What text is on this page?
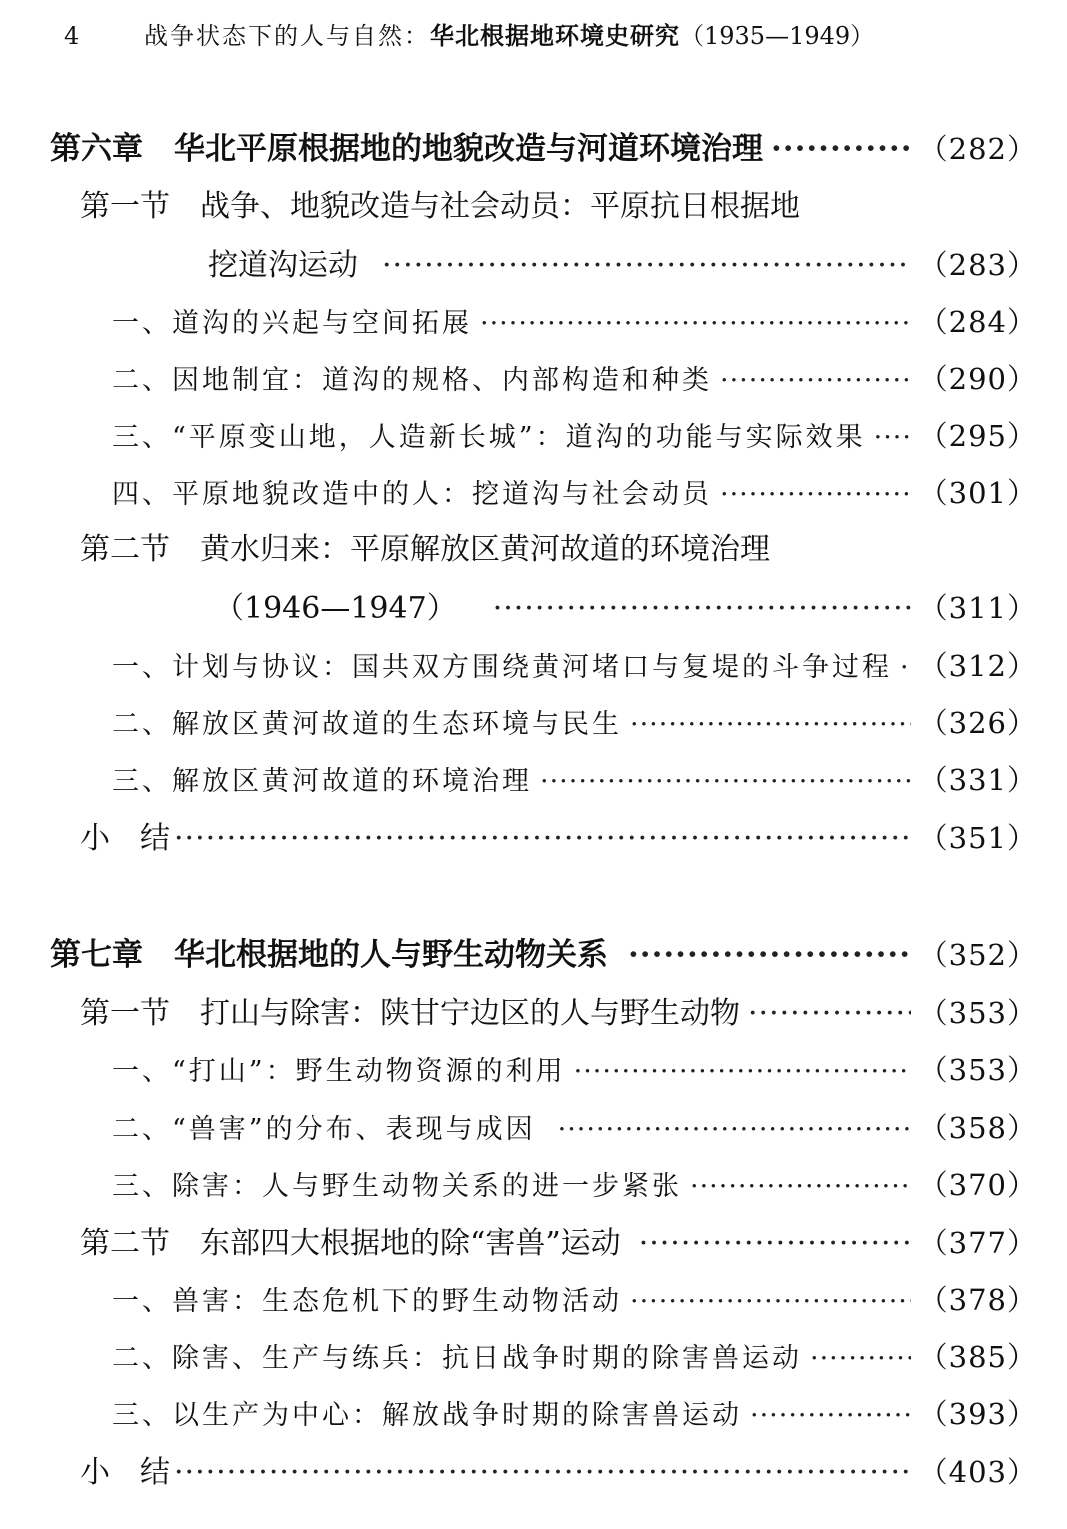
4	战争状态下的人与自然：华北根据地环境史研究（1935—1949）
第六章　华北平原根据地的地貌改造与河道环境治理 ·····	（282）
第一节　战争、地貌改造与社会动员：平原抗日根据地
挖道沟运动 ·····	（283）
一、道沟的兴起与空间拓展 ·····	（284）
二、因地制宜：道沟的规格、内部构造和种类 ·····	（290）
三、“平原变山地，人造新长城”：道沟的功能与实际效果 ····· （295）
四、平原地貌改造中的人：挖道沟与社会动员 ·····	（301）
第二节　黄水归来：平原解放区黄河故道的环境治理
（1946—1947） ·····	（311）
一、计划与协议：国共双方围绕黄河堵口与复堤的斗争过程 ····· （312）
二、解放区黄河故道的生态环境与民生 ·····	（326）
三、解放区黄河故道的环境治理 ·····	（331）
小　结 ·····	（351）
第七章　华北根据地的人与野生动物关系 ·····	（352）
第一节　打山与除害：陕甘宁边区的人与野生动物 ·····	（353）
一、“打山”：野生动物资源的利用 ·····	（353）
二、“兽害”的分布、表现与成因 ·····	（358）
三、除害：人与野生动物关系的进一步紧张 ·····	（370）
第二节　东部四大根据地的除“害兽”运动 ·····	（377）
一、兽害：生态危机下的野生动物活动 ·····	（378）
二、除害、生产与练兵：抗日战争时期的除害兽运动 ·····	（385）
三、以生产为中心：解放战争时期的除害兽运动 ·····	（393）
小　结 ·····	（403）
